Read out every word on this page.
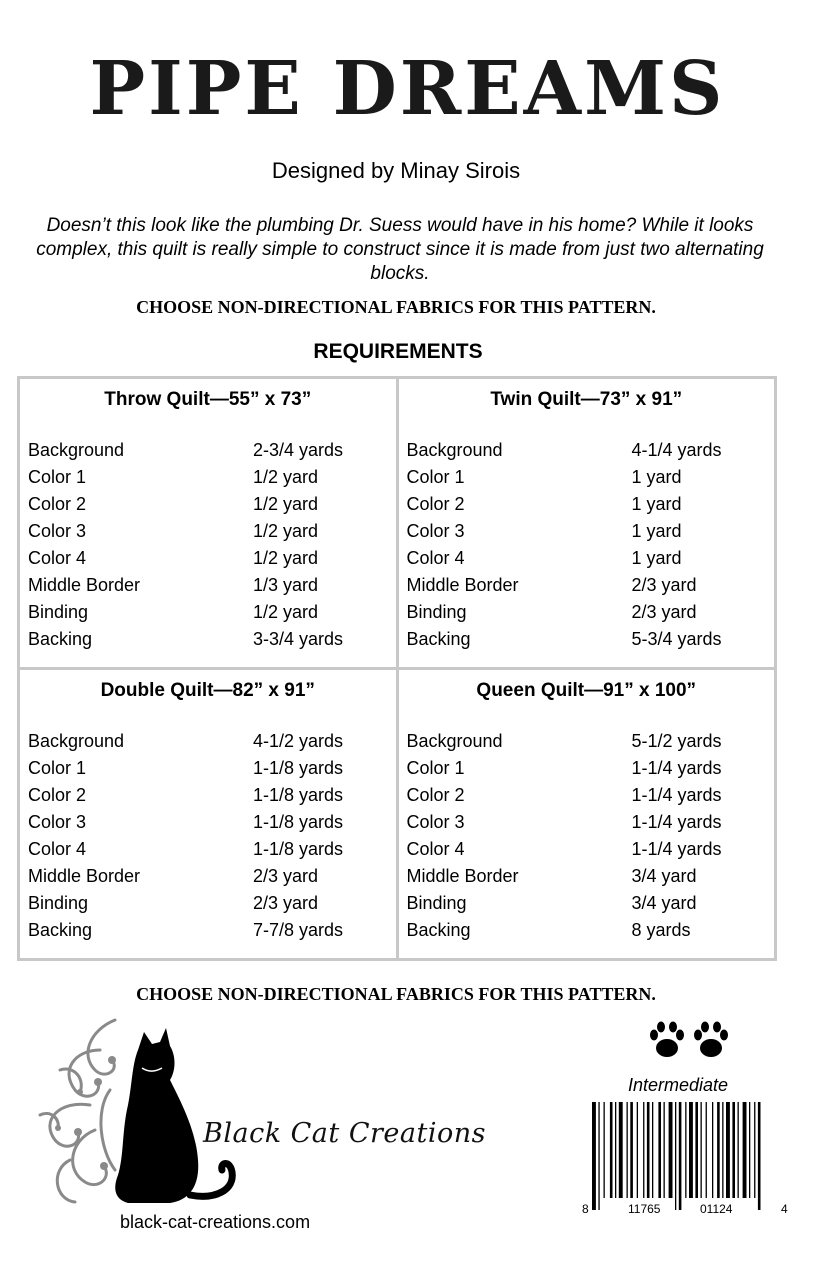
PIPE DREAMS
Designed by Minay Sirois
Doesn’t this look like the plumbing Dr. Suess would have in his home? While it looks complex, this quilt is really simple to construct since it is made from just two alternating blocks.
CHOOSE NON-DIRECTIONAL FABRICS FOR THIS PATTERN.
REQUIREMENTS
Throw Quilt—55” x 73”
Background	2-3/4 yards
Color 1	1/2 yard
Color 2	1/2 yard
Color 3	1/2 yard
Color 4	1/2 yard
Middle Border	1/3 yard
Binding	1/2 yard
Backing	3-3/4 yards
Twin Quilt—73” x 91”
Background	4-1/4 yards
Color 1	1 yard
Color 2	1 yard
Color 3	1 yard
Color 4	1 yard
Middle Border	2/3 yard
Binding	2/3 yard
Backing	5-3/4 yards
Double Quilt—82” x 91”
Background	4-1/2 yards
Color 1	1-1/8 yards
Color 2	1-1/8 yards
Color 3	1-1/8 yards
Color 4	1-1/8 yards
Middle Border	2/3 yard
Binding	2/3 yard
Backing	7-7/8 yards
Queen Quilt—91” x 100”
Background	5-1/2 yards
Color 1	1-1/4 yards
Color 2	1-1/4 yards
Color 3	1-1/4 yards
Color 4	1-1/4 yards
Middle Border	3/4 yard
Binding	3/4 yard
Backing	8 yards
CHOOSE NON-DIRECTIONAL FABRICS FOR THIS PATTERN.
Black Cat Creations
black-cat-creations.com
Intermediate
8	11765	01124	4
